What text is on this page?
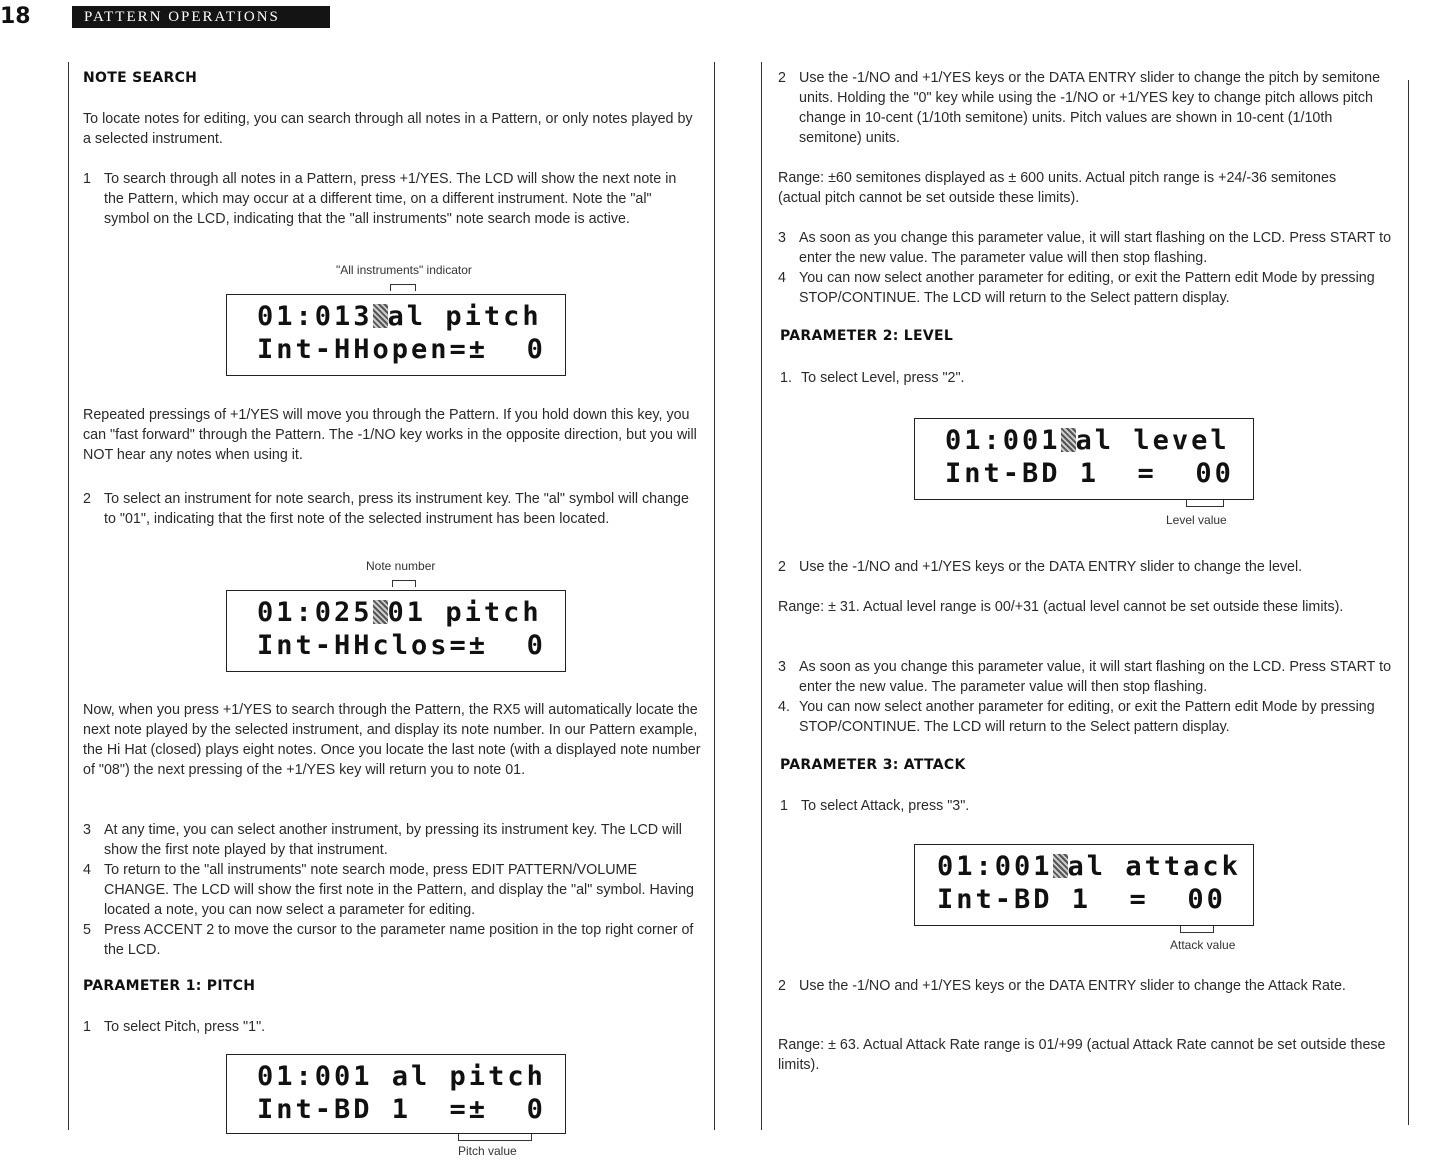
18	PATTERN OPERATIONS
NOTE SEARCH

To locate notes for editing, you can search through all notes in a Pattern, or only notes played by a selected instrument.

1 To search through all notes in a Pattern, press +1/YES. The LCD will show the next note in the Pattern, which may occur at a different time, on a different instrument. Note the "al" symbol on the LCD, indicating that the "all instruments" note search mode is active.
"All instruments" indicator
01:013 al pitch
Int-HHopen=±  0

Repeated pressings of +1/YES will move you through the Pattern. If you hold down this key, you can "fast forward" through the Pattern. The -1/NO key works in the opposite direction, but you will NOT hear any notes when using it.

2 To select an instrument for note search, press its instrument key. The "al" symbol will change to "01", indicating that the first note of the selected instrument has been located.
Note number
01:025 01 pitch
Int-HHclos=±  0

Now, when you press +1/YES to search through the Pattern, the RX5 will automatically locate the next note played by the selected instrument, and display its note number. In our Pattern example, the Hi Hat (closed) plays eight notes. Once you locate the last note (with a displayed note number of "08") the next pressing of the +1/YES key will return you to note 01.

3 At any time, you can select another instrument, by pressing its instrument key. The LCD will show the first note played by that instrument.
4 To return to the "all instruments" note search mode, press EDIT PATTERN/VOLUME CHANGE. The LCD will show the first note in the Pattern, and display the "al" symbol. Having located a note, you can now select a parameter for editing.
5 Press ACCENT 2 to move the cursor to the parameter name position in the top right corner of the LCD.
PARAMETER 1: PITCH
1 To select Pitch, press "1".
01:001 al pitch
Int-BD 1  =±  0
Pitch value
2 Use the -1/NO and +1/YES keys or the DATA ENTRY slider to change the pitch by semitone units. Holding the "0" key while using the -1/NO or +1/YES key to change pitch allows pitch change in 10-cent (1/10th semitone) units. Pitch values are shown in 10-cent (1/10th semitone) units.

Range: ±60 semitones displayed as ± 600 units. Actual pitch range is +24/-36 semitones (actual pitch cannot be set outside these limits).

3 As soon as you change this parameter value, it will start flashing on the LCD. Press START to enter the new value. The parameter value will then stop flashing.
4 You can now select another parameter for editing, or exit the Pattern edit Mode by pressing STOP/CONTINUE. The LCD will return to the Select pattern display.
PARAMETER 2: LEVEL
1. To select Level, press "2".
01:001 al level
Int-BD 1  =  00
Level value
2 Use the -1/NO and +1/YES keys or the DATA ENTRY slider to change the level.

Range: ± 31. Actual level range is 00/+31 (actual level cannot be set outside these limits).

3 As soon as you change this parameter value, it will start flashing on the LCD. Press START to enter the new value. The parameter value will then stop flashing.
4. You can now select another parameter for editing, or exit the Pattern edit Mode by pressing STOP/CONTINUE. The LCD will return to the Select pattern display.
PARAMETER 3: ATTACK
1 To select Attack, press "3".
01:001 al attack
Int-BD 1  =  00
Attack value
2 Use the -1/NO and +1/YES keys or the DATA ENTRY slider to change the Attack Rate.

Range: ± 63. Actual Attack Rate range is 01/+99 (actual Attack Rate cannot be set outside these limits).
